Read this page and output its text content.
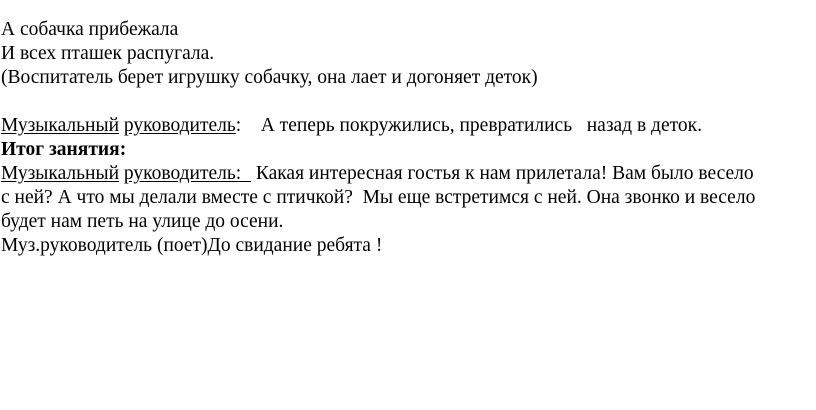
А собачка прибежала
И всех пташек распугала.
(Воспитатель берет игрушку собачку, она лает и догоняет деток)
Музыкальный руководитель:    А теперь покружились, превратились   назад в деток.
Итог занятия:
Музыкальный руководитель:   Какая интересная гостья к нам прилетала! Вам было весело
с ней? А что мы делали вместе с птичкой?  Мы еще встретимся с ней. Она звонко и весело
будет нам петь на улице до осени.
Муз.руководитель (поет)До свидание ребята !
